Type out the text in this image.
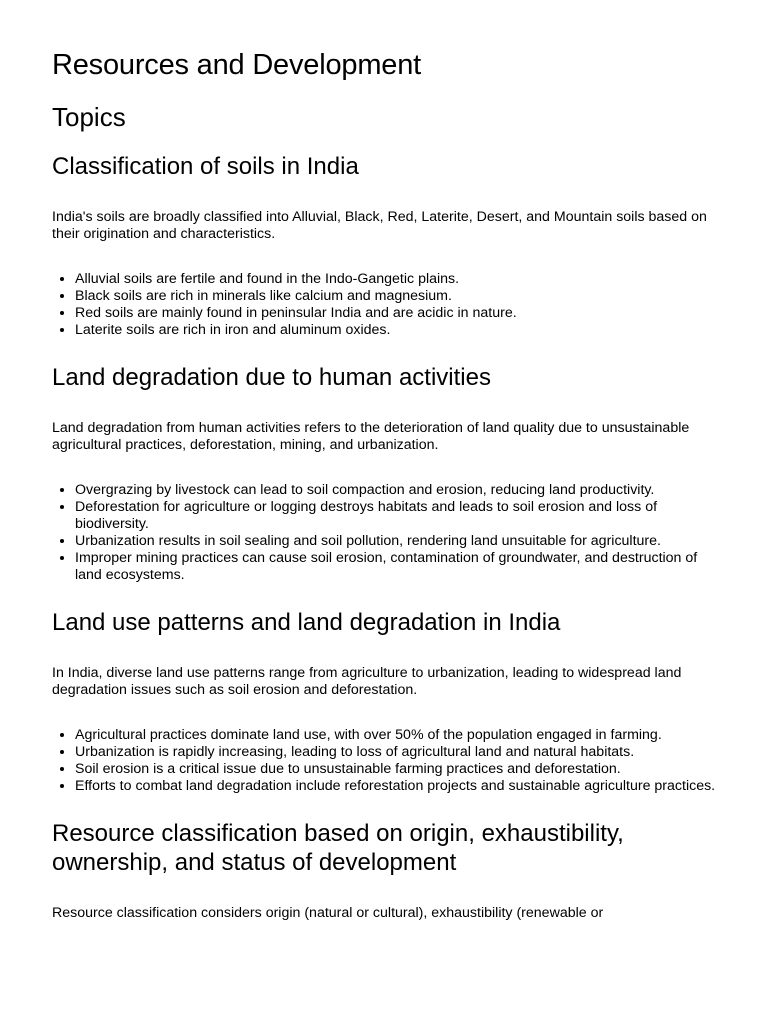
Resources and Development
Topics
Classification of soils in India

India's soils are broadly classified into Alluvial, Black, Red, Laterite, Desert, and Mountain soils based on their origination and characteristics.

• Alluvial soils are fertile and found in the Indo-Gangetic plains.
• Black soils are rich in minerals like calcium and magnesium.
• Red soils are mainly found in peninsular India and are acidic in nature.
• Laterite soils are rich in iron and aluminum oxides.
Land degradation due to human activities

Land degradation from human activities refers to the deterioration of land quality due to unsustainable agricultural practices, deforestation, mining, and urbanization.

• Overgrazing by livestock can lead to soil compaction and erosion, reducing land productivity.
• Deforestation for agriculture or logging destroys habitats and leads to soil erosion and loss of biodiversity.
• Urbanization results in soil sealing and soil pollution, rendering land unsuitable for agriculture.
• Improper mining practices can cause soil erosion, contamination of groundwater, and destruction of land ecosystems.
Land use patterns and land degradation in India

In India, diverse land use patterns range from agriculture to urbanization, leading to widespread land degradation issues such as soil erosion and deforestation.

• Agricultural practices dominate land use, with over 50% of the population engaged in farming.
• Urbanization is rapidly increasing, leading to loss of agricultural land and natural habitats.
• Soil erosion is a critical issue due to unsustainable farming practices and deforestation.
• Efforts to combat land degradation include reforestation projects and sustainable agriculture practices.
Resource classification based on origin, exhaustibility, ownership, and status of development

Resource classification considers origin (natural or cultural), exhaustibility (renewable or
